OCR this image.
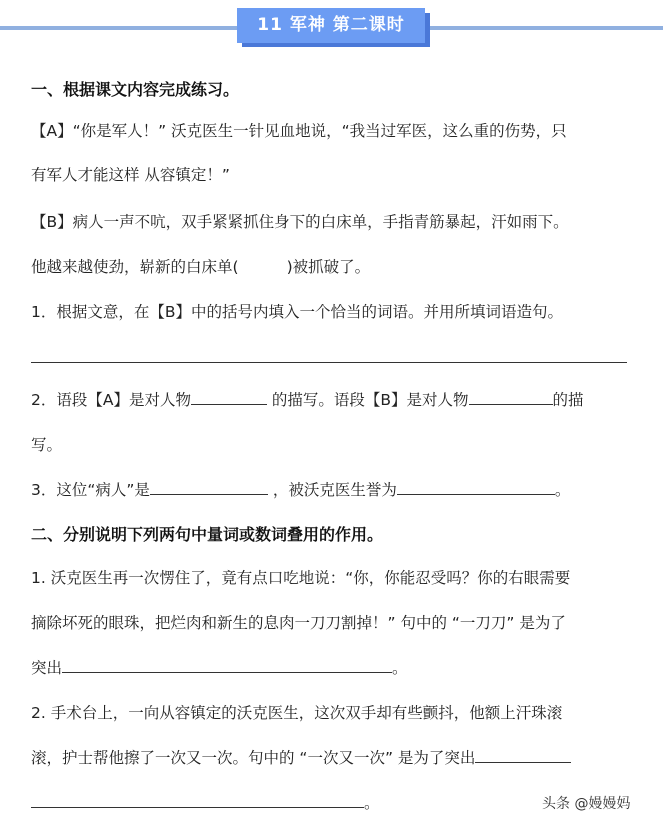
11 军神 第二课时
一、根据课文内容完成练习。
【A】“你是军人！” 沃克医生一针见血地说，“我当过军医，这么重的伤势，只
有军人才能这样 从容镇定！”
【B】病人一声不吭，双手紧紧抓住身下的白床单，手指青筋暴起，汗如雨下。
他越来越使劲，崭新的白床单(	)被抓破了。
1．根据文意，在【B】中的括号内填入一个恰当的词语。并用所填词语造句。
2．语段【A】是对人物	的描写。语段【B】是对人物	的描
写。
3．这位“病人”是	，被沃克医生誉为	。
二、分别说明下列两句中量词或数词叠用的作用。
1. 沃克医生再一次愣住了，竟有点口吃地说：“你，你能忍受吗？你的右眼需要
摘除坏死的眼珠，把烂肉和新生的息肉一刀刀割掉！” 句中的 “一刀刀” 是为了
突出	。
2. 手术台上，一向从容镇定的沃克医生，这次双手却有些颤抖，他额上汗珠滚
滚，护士帮他擦了一次又一次。句中的 “一次又一次” 是为了突出
。	头条 @嫚嫚妈
